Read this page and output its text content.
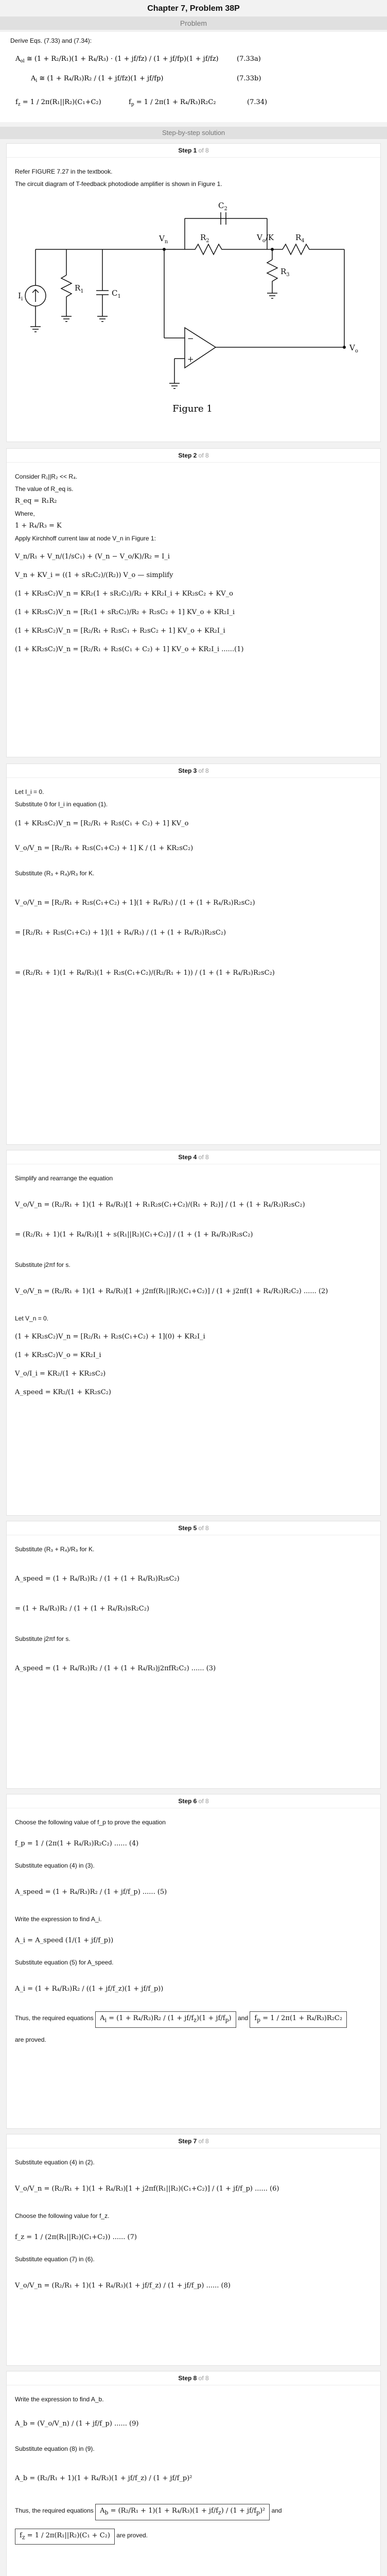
Chapter 7, Problem 38P
Problem
Derive Eqs. (7.33) and (7.34):
$A_{ol}$ ≅ (1 + R₂/R₁)(1 + R₄/R₃) · (1 + jf/fz) / (1 + jf/fp)(1 + jf/fz)	(7.33a)
$A_i$ ≅ (1 + R₄/R₃)R₂ / (1 + jf/fz)(1 + jf/fp)	(7.33b)
$f_z = 1 / 2\pi(R_1||R_2)(C_1+C_2)$	$f_p = 1 / 2\pi(1 + R_4/R_3)R_2C_2$	(7.34)
Step-by-step solution
Step 1 of 8
Refer FIGURE 7.27 in the textbook.
The circuit diagram of T-feedback photodiode amplifier is shown in Figure 1.
$C_2$
$R_2$
$V_n$	$V_o/K$	$R_4$
$I_i$
$R_1$	$C_1$
$R_3$
$V_o$
−
+
Figure 1
Step 2 of 8
Consider R₁||R₂ << R₄.
The value of R_eq is.
R_eq = R₁R₂
Where,
1 + R₄/R₃ = K
Apply Kirchhoff current law at node V_n in Figure 1:
V_n/R₁ + V_n/(1/sC₁) + (V_n − V_o/K)/R₂ = I_i
V_n + KV_i = ((1 + sR₂C₂)/(R₂)) V_o — simplify
(1 + KR₂sC₂)V_n = KR₂(1 + sR₂C₂)/R₂ + KR₂I_i + KR₂sC₂ + KV_o
(1 + KR₂sC₂)V_n = [R₂(1 + sR₂C₂)/R₂ + R₂sC₂ + 1] KV_o + KR₂I_i
(1 + KR₂sC₂)V_n = [R₂/R₁ + R₂sC₁ + R₂sC₂ + 1] KV_o + KR₂I_i
(1 + KR₂sC₂)V_n = [R₂/R₁ + R₂s(C₁ + C₂) + 1] KV_o + KR₂I_i ......(1)
Step 3 of 8
Let I_i = 0.
Substitute 0 for I_i in equation (1).
(1 + KR₂sC₂)V_n = [R₂/R₁ + R₂s(C₁ + C₂) + 1] KV_o
V_o/V_n = [R₂/R₁ + R₂s(C₁+C₂) + 1] K / (1 + KR₂sC₂)
Substitute (R₃ + R₄)/R₃ for K.
V_o/V_n = [R₂/R₁ + R₂s(C₁+C₂) + 1](1 + R₄/R₃) / (1 + (1 + R₄/R₃)R₂sC₂)
= [R₂/R₁ + R₂s(C₁+C₂) + 1](1 + R₄/R₃) / (1 + (1 + R₄/R₃)R₂sC₂)
= (R₂/R₁ + 1)(1 + R₄/R₃)(1 + R₂s(C₁+C₂)/(R₂/R₁ + 1)) / (1 + (1 + R₄/R₃)R₂sC₂)
Step 4 of 8
Simplify and rearrange the equation
V_o/V_n = (R₂/R₁ + 1)(1 + R₄/R₃)[1 + R₁R₂s(C₁+C₂)/(R₁ + R₂)] / (1 + (1 + R₄/R₃)R₂sC₂)
= (R₂/R₁ + 1)(1 + R₄/R₃)[1 + s(R₁||R₂)(C₁+C₂)] / (1 + (1 + R₄/R₃)R₂sC₂)
Substitute j2πf for s.
V_o/V_n = (R₂/R₁ + 1)(1 + R₄/R₃)[1 + j2πf(R₁||R₂)(C₁+C₂)] / (1 + j2πf(1 + R₄/R₃)R₂C₂) ...... (2)
Let V_n = 0.
(1 + KR₂sC₂)V_n = [R₂/R₁ + R₂s(C₁+C₂) + 1](0) + KR₂I_i
(1 + KR₂sC₂)V_o = KR₂I_i
V_o/I_i = KR₂/(1 + KR₂sC₂)
A_speed = KR₂/(1 + KR₂sC₂)
Step 5 of 8
Substitute (R₃ + R₄)/R₃ for K.
A_speed = (1 + R₄/R₃)R₂ / (1 + (1 + R₄/R₃)R₂sC₂)
= (1 + R₄/R₃)R₂ / (1 + (1 + R₄/R₃)sR₂C₂)
Substitute j2πf for s.
A_speed = (1 + R₄/R₃)R₂ / (1 + (1 + R₄/R₃)j2πfR₂C₂) ...... (3)
Step 6 of 8
Choose the following value of f_p to prove the equation
f_p = 1 / (2π(1 + R₄/R₃)R₂C₂) ...... (4)
Substitute equation (4) in (3).
A_speed = (1 + R₄/R₃)R₂ / (1 + jf/f_p) ...... (5)
Write the expression to find A_i.
A_i = A_speed (1/(1 + jf/f_p))
Substitute equation (5) for A_speed.
A_i = (1 + R₄/R₃)R₂ / ((1 + jf/f_z)(1 + jf/f_p))
Thus, the required equations $A_i = (1 + R_4/R_3)R_2 / (1 + jf/f_z)(1 + jf/f_p)$ and $f_p = 1 / 2\pi(1 + R_4/R_3)R_2C_2$
are proved.
Step 7 of 8
Substitute equation (4) in (2).
V_o/V_n = (R₂/R₁ + 1)(1 + R₄/R₃)[1 + j2πf(R₁||R₂)(C₁+C₂)] / (1 + jf/f_p) ...... (6)
Choose the following value for f_z.
f_z = 1 / (2π(R₁||R₂)(C₁+C₂)) ...... (7)
Substitute equation (7) in (6).
V_o/V_n = (R₂/R₁ + 1)(1 + R₄/R₃)(1 + jf/f_z) / (1 + jf/f_p) ...... (8)
Step 8 of 8
Write the expression to find A_b.
A_b = (V_o/V_n) / (1 + jf/f_p) ...... (9)
Substitute equation (8) in (9).
A_b = (R₂/R₁ + 1)(1 + R₄/R₃)(1 + jf/f_z) / (1 + jf/f_p)²
Thus, the required equations $A_b = (R_2/R_1 + 1)(1 + R_4/R_3)(1 + jf/f_z) / (1 + jf/f_p)^2$ and
$f_z = 1 / 2\pi(R_1||R_2)(C_1 + C_2)$ are proved.
